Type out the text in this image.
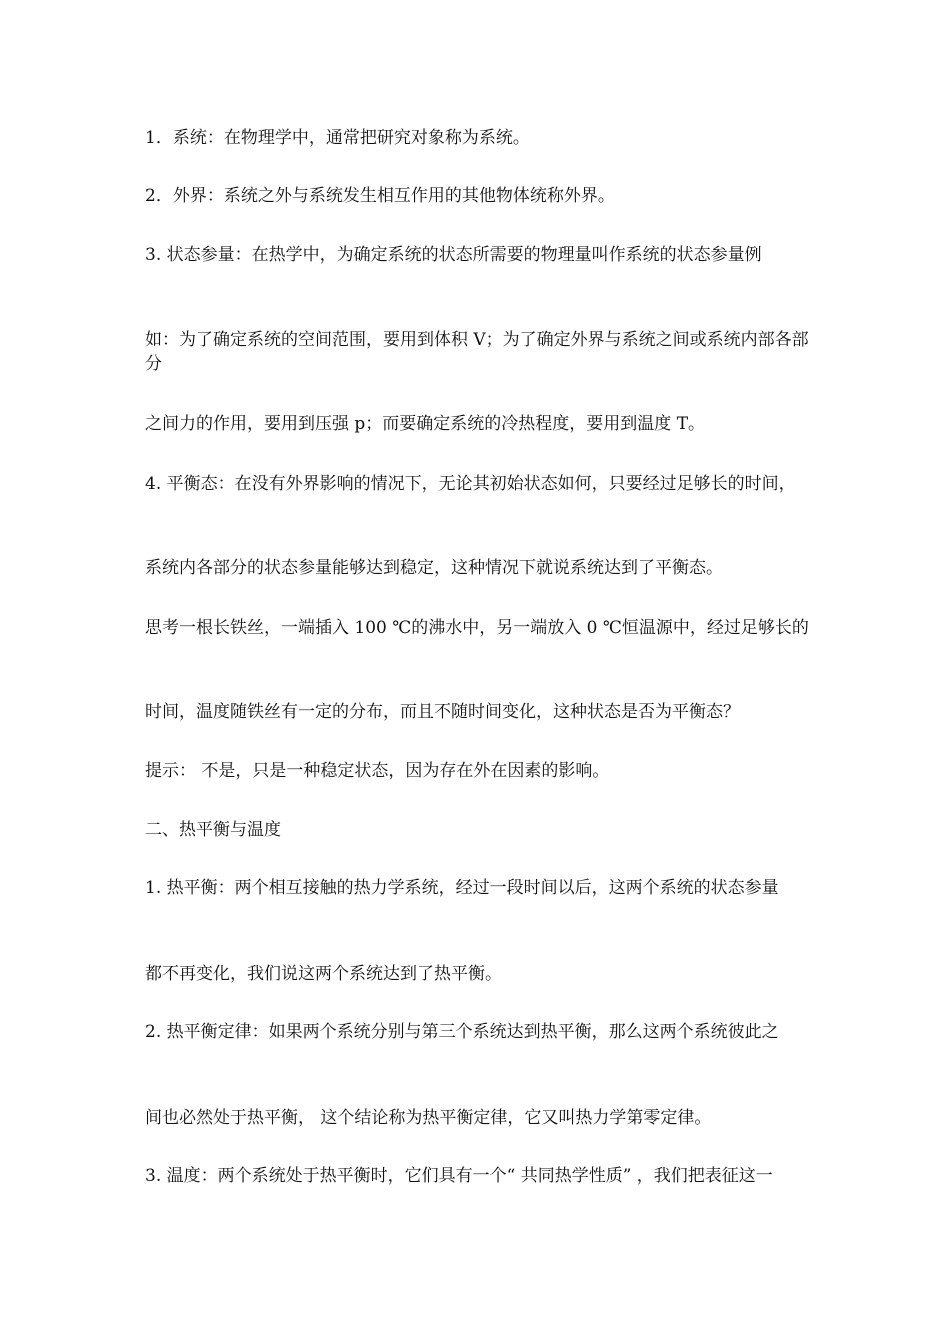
1．系统：在物理学中，通常把研究对象称为系统。
2．外界：系统之外与系统发生相互作用的其他物体统称外界。
3. 状态参量：在热学中，为确定系统的状态所需要的物理量叫作系统的状态参量例
如：为了确定系统的空间范围，要用到体积 V；为了确定外界与系统之间或系统内部各部分
之间力的作用，要用到压强 p；而要确定系统的冷热程度，要用到温度 T。
4. 平衡态：在没有外界影响的情况下，无论其初始状态如何，只要经过足够长的时间，
系统内各部分的状态参量能够达到稳定，这种情况下就说系统达到了平衡态。
思考一根长铁丝，一端插入 100 ℃的沸水中，另一端放入 0 ℃恒温源中，经过足够长的
时间，温度随铁丝有一定的分布，而且不随时间变化，这种状态是否为平衡态？
提示： 不是，只是一种稳定状态，因为存在外在因素的影响。
二、热平衡与温度
1. 热平衡：两个相互接触的热力学系统，经过一段时间以后，这两个系统的状态参量
都不再变化，我们说这两个系统达到了热平衡。
2. 热平衡定律：如果两个系统分别与第三个系统达到热平衡，那么这两个系统彼此之
间也必然处于热平衡， 这个结论称为热平衡定律，它又叫热力学第零定律。
3. 温度：两个系统处于热平衡时，它们具有一个“ 共同热学性质” ，我们把表征这一
